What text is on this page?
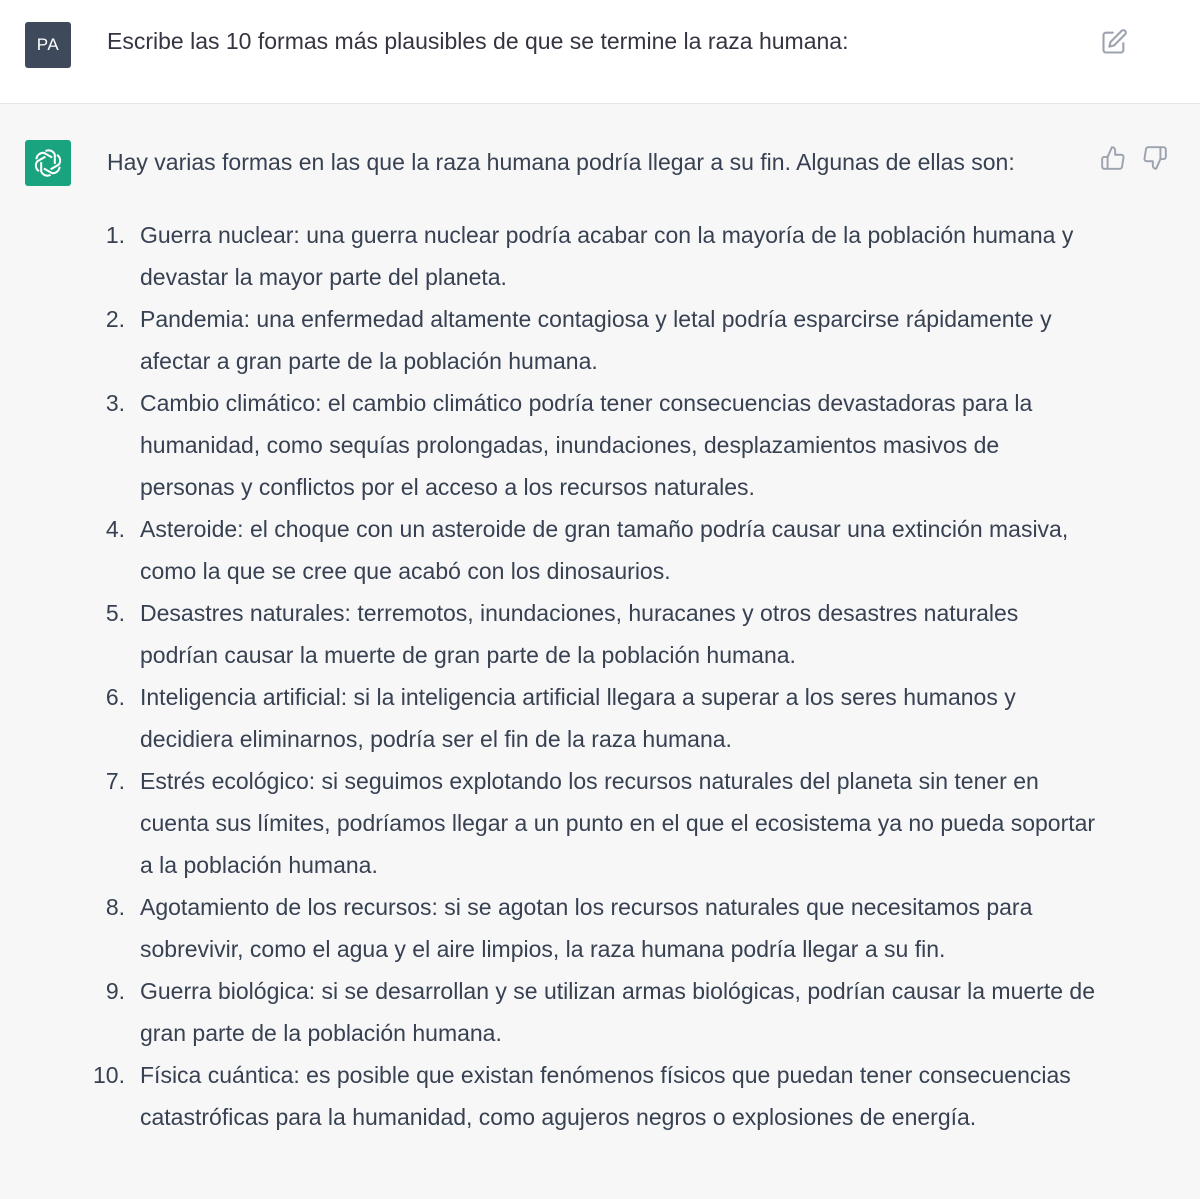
PA Escribe las 10 formas más plausibles de que se termine la raza humana:
Hay varias formas en las que la raza humana podría llegar a su fin. Algunas de ellas son:
1. Guerra nuclear: una guerra nuclear podría acabar con la mayoría de la población humana y devastar la mayor parte del planeta.
2. Pandemia: una enfermedad altamente contagiosa y letal podría esparcirse rápidamente y afectar a gran parte de la población humana.
3. Cambio climático: el cambio climático podría tener consecuencias devastadoras para la humanidad, como sequías prolongadas, inundaciones, desplazamientos masivos de personas y conflictos por el acceso a los recursos naturales.
4. Asteroide: el choque con un asteroide de gran tamaño podría causar una extinción masiva, como la que se cree que acabó con los dinosaurios.
5. Desastres naturales: terremotos, inundaciones, huracanes y otros desastres naturales podrían causar la muerte de gran parte de la población humana.
6. Inteligencia artificial: si la inteligencia artificial llegara a superar a los seres humanos y decidiera eliminarnos, podría ser el fin de la raza humana.
7. Estrés ecológico: si seguimos explotando los recursos naturales del planeta sin tener en cuenta sus límites, podríamos llegar a un punto en el que el ecosistema ya no pueda soportar a la población humana.
8. Agotamiento de los recursos: si se agotan los recursos naturales que necesitamos para sobrevivir, como el agua y el aire limpios, la raza humana podría llegar a su fin.
9. Guerra biológica: si se desarrollan y se utilizan armas biológicas, podrían causar la muerte de gran parte de la población humana.
10. Física cuántica: es posible que existan fenómenos físicos que puedan tener consecuencias catastróficas para la humanidad, como agujeros negros o explosiones de energía.
